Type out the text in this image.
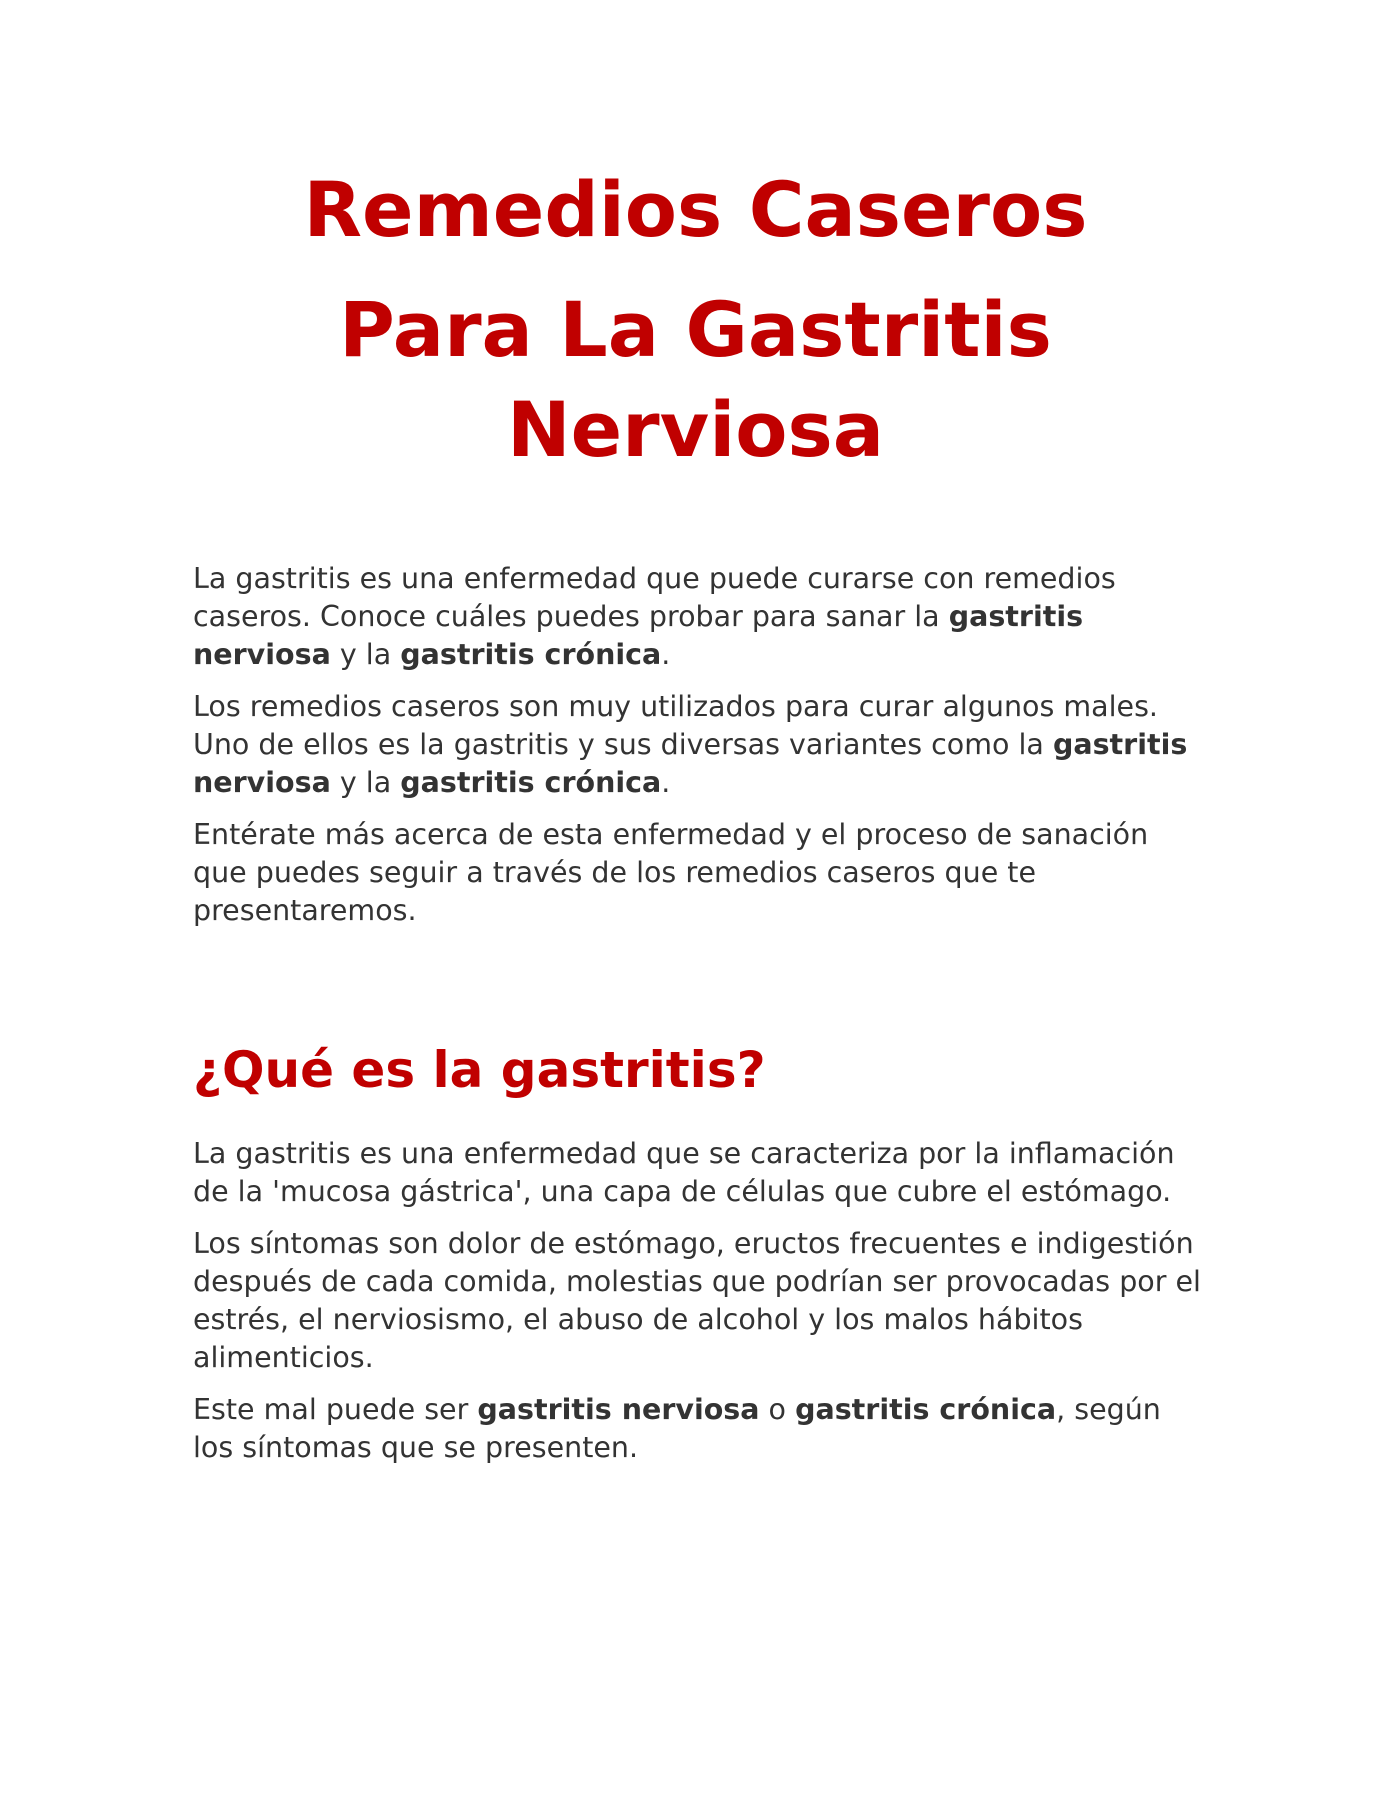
Remedios Caseros
Para La Gastritis Nerviosa

La gastritis es una enfermedad que puede curarse con remedios caseros. Conoce cuáles puedes probar para sanar la gastritis nerviosa y la gastritis crónica.

Los remedios caseros son muy utilizados para curar algunos males. Uno de ellos es la gastritis y sus diversas variantes como la gastritis nerviosa y la gastritis crónica.

Entérate más acerca de esta enfermedad y el proceso de sanación que puedes seguir a través de los remedios caseros que te presentaremos.

¿Qué es la gastritis?

La gastritis es una enfermedad que se caracteriza por la inflamación de la 'mucosa gástrica', una capa de células que cubre el estómago.

Los síntomas son dolor de estómago, eructos frecuentes e indigestión después de cada comida, molestias que podrían ser provocadas por el estrés, el nerviosismo, el abuso de alcohol y los malos hábitos alimenticios.

Este mal puede ser gastritis nerviosa o gastritis crónica, según los síntomas que se presenten.
